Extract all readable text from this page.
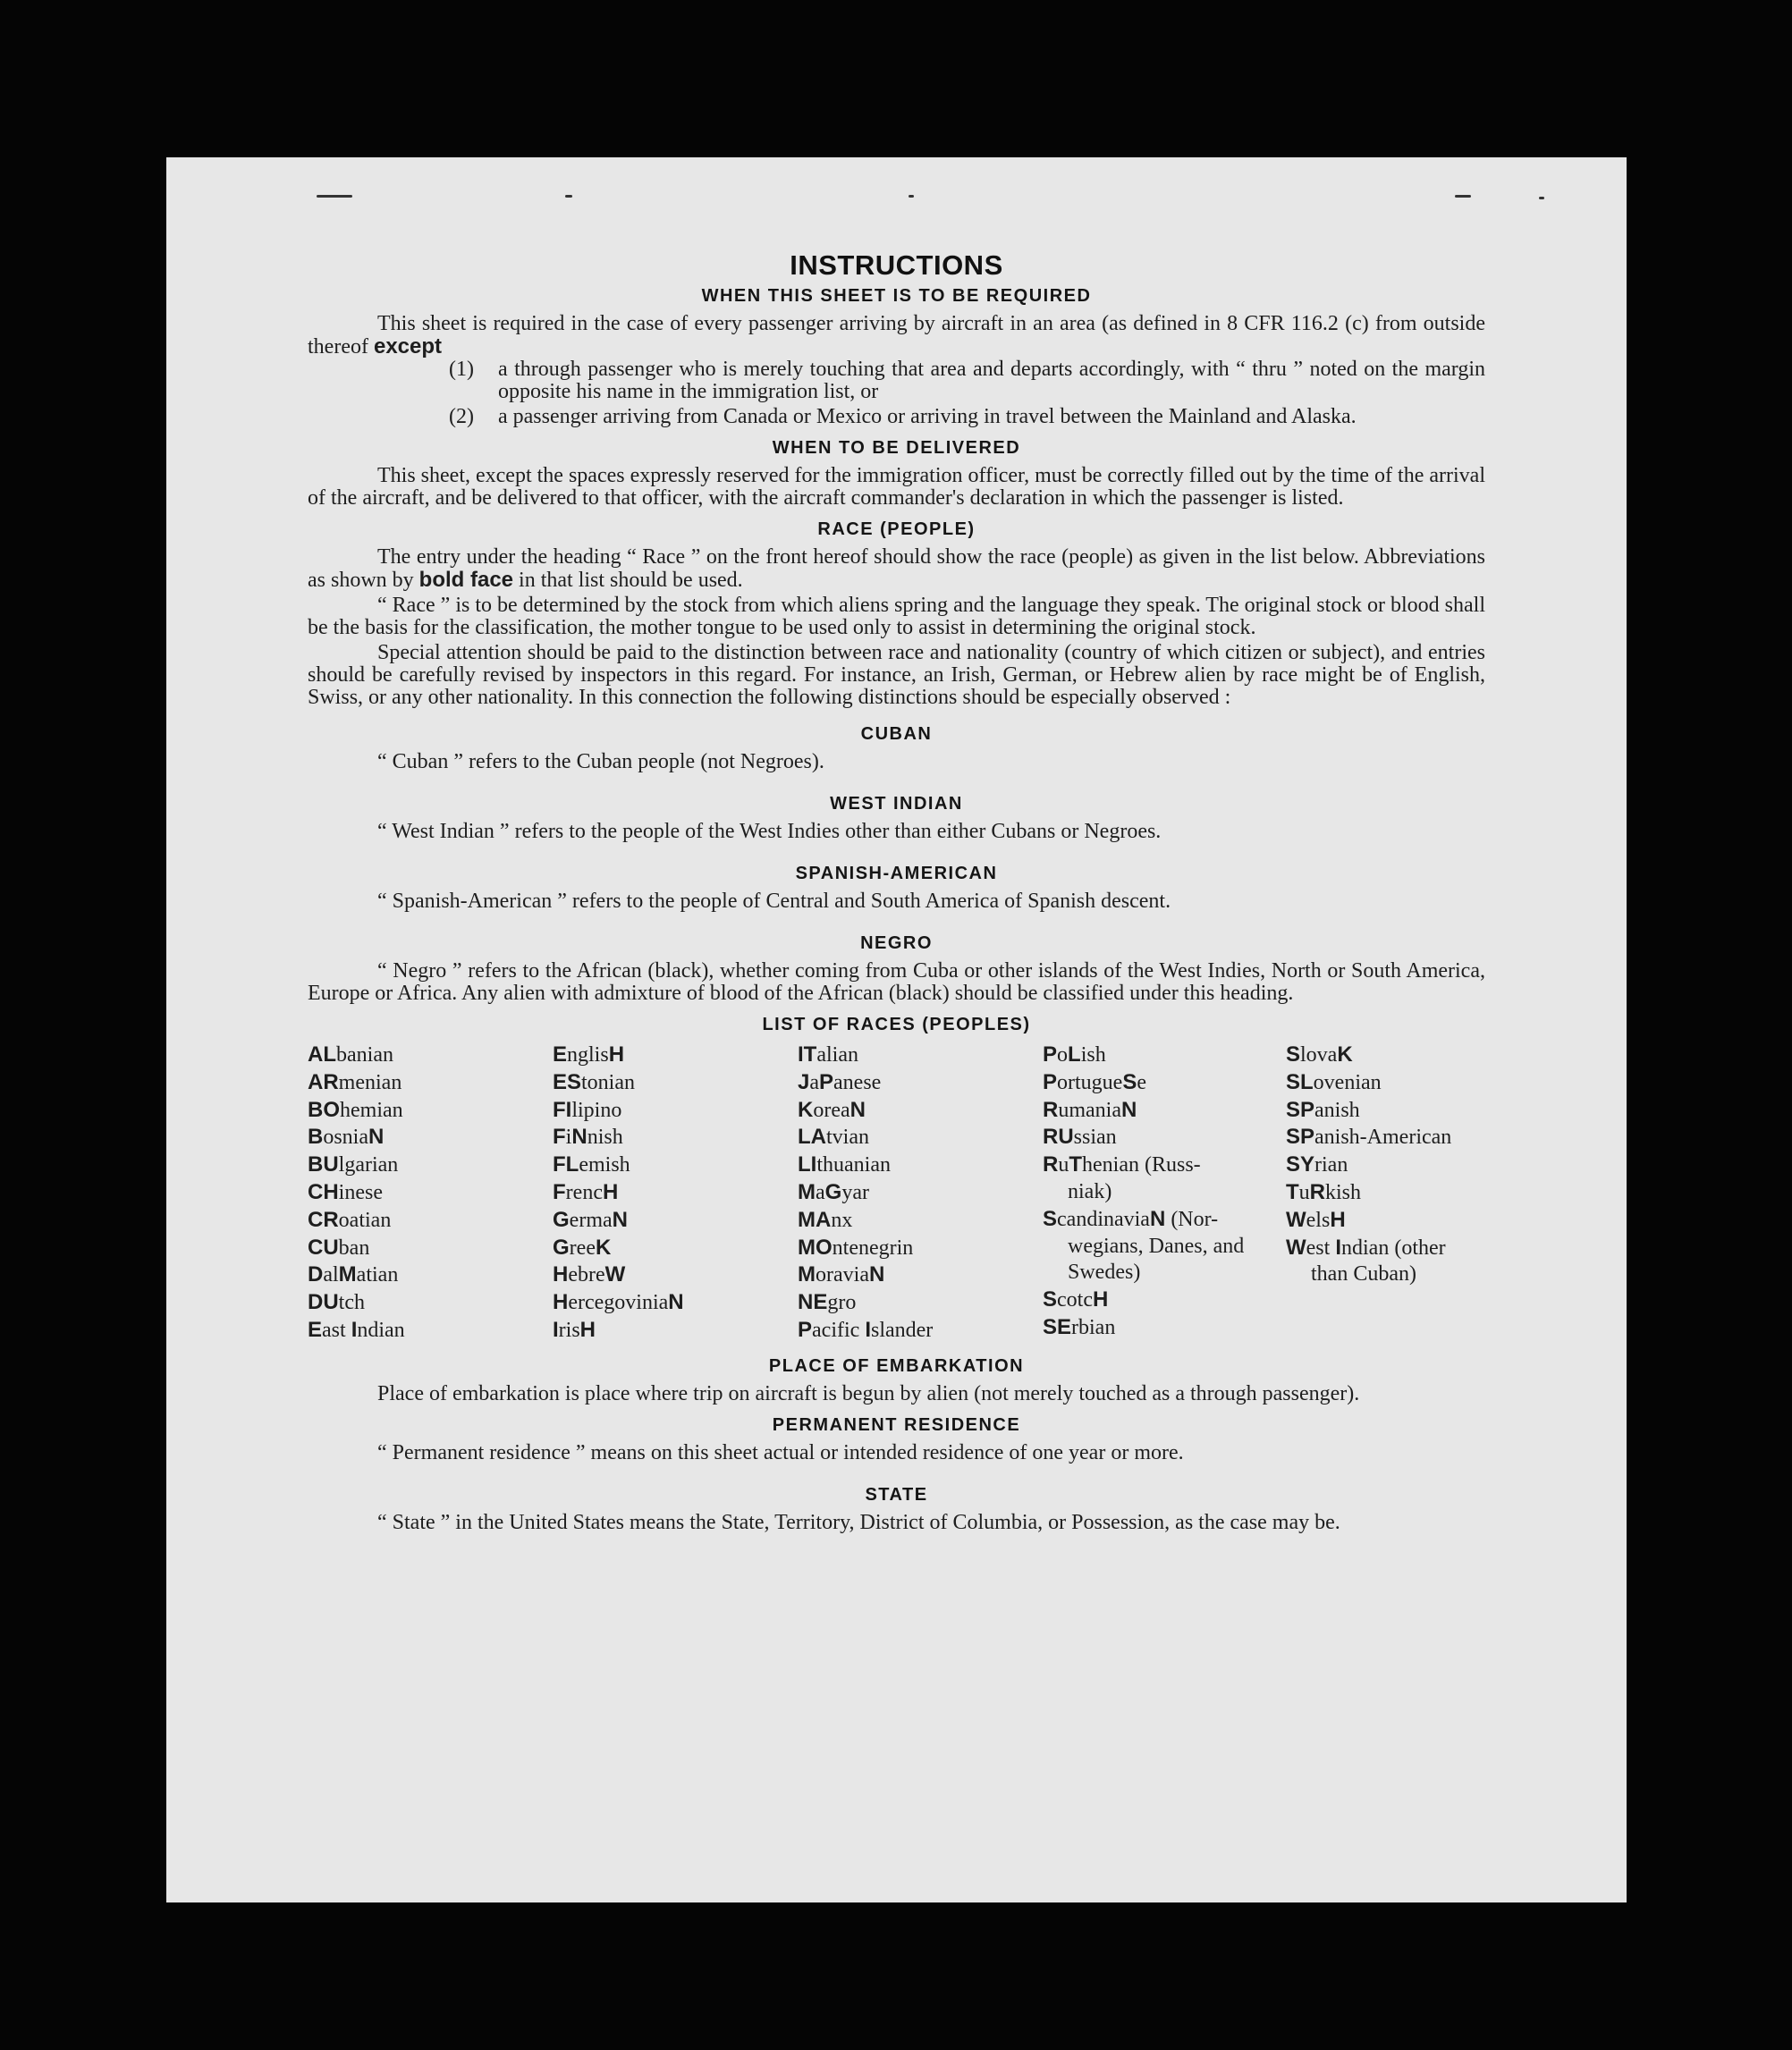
INSTRUCTIONS
WHEN THIS SHEET IS TO BE REQUIRED

This sheet is required in the case of every passenger arriving by aircraft in an area (as defined in 8 CFR 116.2 (c) from outside thereof except

(1)	a through passenger who is merely touching that area and departs accordingly, with “ thru ” noted on the margin opposite his name in the immigration list, or
(2)	a passenger arriving from Canada or Mexico or arriving in travel between the Mainland and Alaska.
WHEN TO BE DELIVERED

This sheet, except the spaces expressly reserved for the immigration officer, must be correctly filled out by the time of the arrival of the aircraft, and be delivered to that officer, with the aircraft commander's declaration in which the passenger is listed.

RACE (PEOPLE)

The entry under the heading “ Race ” on the front hereof should show the race (people) as given in the list below. Abbreviations as shown by bold face in that list should be used.

“ Race ” is to be determined by the stock from which aliens spring and the language they speak. The original stock or blood shall be the basis for the classification, the mother tongue to be used only to assist in determining the original stock.

Special attention should be paid to the distinction between race and nationality (country of which citizen or subject), and entries should be carefully revised by inspectors in this regard. For instance, an Irish, German, or Hebrew alien by race might be of English, Swiss, or any other nationality. In this connection the following distinctions should be especially observed :

CUBAN

“ Cuban ” refers to the Cuban people (not Negroes).

WEST INDIAN

“ West Indian ” refers to the people of the West Indies other than either Cubans or Negroes.

SPANISH-AMERICAN

“ Spanish-American ” refers to the people of Central and South America of Spanish descent.

NEGRO

“ Negro ” refers to the African (black), whether coming from Cuba or other islands of the West Indies, North or South America, Europe or Africa. Any alien with admixture of blood of the African (black) should be classified under this heading.

LIST OF RACES (PEOPLES)
ALbanian
ARmenian
BOhemian
BosniaN
BUlgarian
CHinese
CRoatian
CUban
DalMatian
DUtch
East Indian
EnglisH
EStonian
FIlipino
FiNnish
FLemish
FrencH
GermaN
GreeK
HebreW
HercegoviniaN
IrisH
ITalian
JaPanese
KoreaN
LAtvian
LIthuanian
MaGyar
MAnx
MOntenegrin
MoraviaN
NEgro
Pacific Islander
PoLish
PortugueSe
RumaniaN
RUssian
RuThenian (Russ-
niak)
ScandinaviaN (Nor-
wegians, Danes, and Swedes)
ScotcH
SErbian
SlovaK
SLovenian
SPanish
SPanish-American
SYrian
TuRkish
WelsH
West Indian (other
than Cuban)
PLACE OF EMBARKATION

Place of embarkation is place where trip on aircraft is begun by alien (not merely touched as a through passenger).

PERMANENT RESIDENCE

“ Permanent residence ” means on this sheet actual or intended residence of one year or more.

STATE

“ State ” in the United States means the State, Territory, District of Columbia, or Possession, as the case may be.
